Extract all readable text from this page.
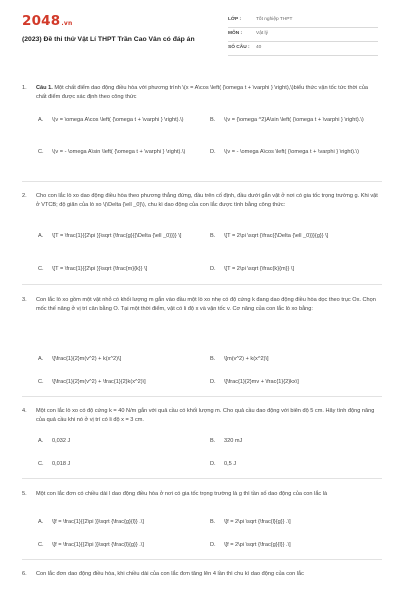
2048.vn
(2023) Đề thi thử Vật Lí THPT Trần Cao Vân có đáp án
LỚP :	Tốt nghiệp THPT
MÔN :	Vật lý
SỐ CÂU : 40
1. Câu 1. Một chất điểm dao động điều hòa với phương trình \(x = A\cos \left( {\omega t + \varphi } \right),\)biểu thức vận tốc tức thời của chất điểm được xác định theo công thức
A. \(v = \omega A\cos \left( {\omega t + \varphi } \right).\)	B. \(v = {\omega ^2}A\sin \left( {\omega t + \varphi } \right).\)
C. \(v = - \omega A\sin \left( {\omega t + \varphi } \right).\)	D. \(v = - \omega A\cos \left( {\omega t + \varphi } \right).\)
2. Cho con lắc lò xo dao động điều hòa theo phương thẳng đứng, đầu trên cố định, đầu dưới gắn vật ở nơi có gia tốc trọng trường g. Khi vật ở VTCB; độ giãn của lò xo \(\Delta {\ell _0}\), chu kì dao động của con lắc được tính bằng công thức:
A. \[T = \frac{1}{{2\pi }}\sqrt {\frac{g}{{\Delta {\ell _0}}}} \]	B. \[T = 2\pi \sqrt {\frac{{\Delta {\ell _0}}}{g}} \]
C. \[T = \frac{1}{{2\pi }}\sqrt {\frac{m}{k}} \]	D. \[T = 2\pi \sqrt {\frac{k}{m}} \]
3. Con lắc lò xo gồm một vật nhỏ có khối lượng m gắn vào đầu một lò xo nhẹ có độ cứng k đang dao động điều hòa dọc theo trục Ox. Chọn mốc thế năng ở vị trí cân bằng O. Tại một thời điểm, vật có li độ x và vận tốc v. Cơ năng của con lắc lò xo bằng:
A. \[\frac{1}{2}m(v^2) + k(x^2)\]	B. \[m(v^2) + k(x^2)\]
C. \[\frac{1}{2}m(v^2) + \frac{1}{2}k(x^2)\]	D. \[\frac{1}{2}mv + \frac{1}{2}kx\]
4. Một con lắc lò xo có độ cứng k = 40 N/m gắn với quả cầu có khối lượng m. Cho quả cầu dao động với biên độ 5 cm. Hãy tính động năng của quả cầu khi nó ở vị trí có li độ x = 3 cm.
A. 0,032 J	B. 320 mJ
C. 0,018 J	D. 0,5 J
5. Một con lắc đơn có chiều dài l dao động điều hòa ở nơi có gia tốc trọng trường là g thì tần số dao động của con lắc là
A. \[f = \frac{1}{{2\pi }}\sqrt {\frac{g}{l}} .\]	B. \[f = 2\pi \sqrt {\frac{l}{g}} .\]
C. \[f = \frac{1}{{2\pi }}\sqrt {\frac{l}{g}} .\]	D. \[f = 2\pi \sqrt {\frac{g}{l}} .\]
6. Con lắc đơn dao động điều hòa, khi chiều dài của con lắc đơn tăng lên 4 lần thì chu kì dao động của con lắc
